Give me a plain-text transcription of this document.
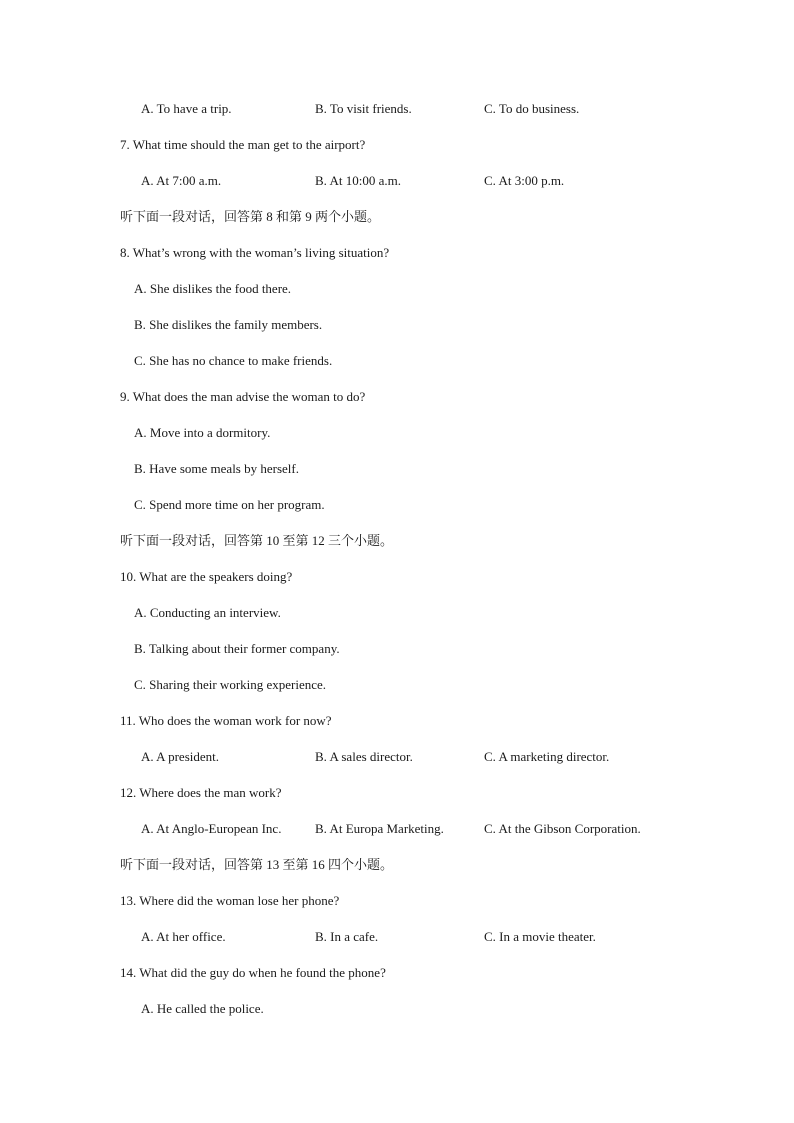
A. To have a trip.	B. To visit friends.	C. To do business.
7. What time should the man get to the airport?
A. At 7:00 a.m.	B. At 10:00 a.m.	C. At 3:00 p.m.
听下面一段对话，回答第 8 和第 9 两个小题。
8. What’s wrong with the woman’s living situation?
A. She dislikes the food there.
B. She dislikes the family members.
C. She has no chance to make friends.
9. What does the man advise the woman to do?
A. Move into a dormitory.
B. Have some meals by herself.
C. Spend more time on her program.
听下面一段对话，回答第 10 至第 12 三个小题。
10. What are the speakers doing?
A. Conducting an interview.
B. Talking about their former company.
C. Sharing their working experience.
11. Who does the woman work for now?
A. A president.	B. A sales director.	C. A marketing director.
12. Where does the man work?
A. At Anglo-European Inc.	B. At Europa Marketing.	C. At the Gibson Corporation.
听下面一段对话，回答第 13 至第 16 四个小题。
13. Where did the woman lose her phone?
A. At her office.	B. In a cafe.	C. In a movie theater.
14. What did the guy do when he found the phone?
A. He called the police.
